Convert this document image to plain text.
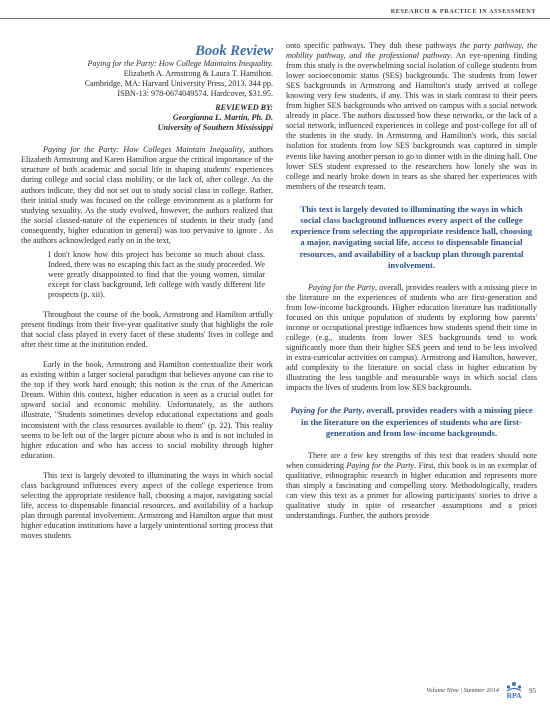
RESEARCH & PRACTICE IN ASSESSMENT
Book Review
Paying for the Party: How College Maintains Inequality.
Elizabeth A. Armstrong & Laura T. Hamilton.
Cambridge, MA: Harvard University Press, 2013. 344 pp.
ISBN-13: 978-0674049574. Hardcover, $31.95.
REVIEWED BY:
Georgianna L. Martin, Ph. D.
University of Southern Mississippi

Paying for the Party: How Colleges Maintain Inequality, authors Elizabeth Armstrong and Karen Hamilton argue the critical importance of the structure of both academic and social life in shaping students' experiences during college and social class mobility, or the lack of, after college. As the authors indicate, they did not set out to study social class in college. Rather, their initial study was focused on the college environment as a platform for studying sexuality. As the study evolved, however, the authors realized that the social classed-nature of the experiences of students in their study (and consequently, higher education in general) was too pervasive to ignore . As the authors acknowledged early on in the text,

I don't know how this project has become so much about class. Indeed, there was no escaping this fact as the study proceeded. We were greatly disappointed to find that the young women, similar except for class background, left college with vastly different life prospects (p. xii).

Throughout the course of the book, Armstrong and Hamilton artfully present findings from their five-year qualitative study that highlight the role that social class played in every facet of these students' lives in college and after their time at the institution ended.

Early in the book, Armstrong and Hamilton contextualize their work as existing within a larger societal paradigm that believes anyone can rise to the top if they work hard enough; this notion is the crux of the American Dream. Within this context, higher education is seen as a crucial outlet for upward social and economic mobility. Unfortunately, as the authors illustrate, "Students sometimes develop educational expectations and goals inconsistent with the class resources available to them" (p. 22). This reality seems to be left out of the larger picture about who is and is not included in higher education and who has access to social mobility through higher education.

This text is largely devoted to illuminating the ways in which social class background influences every aspect of the college experience from selecting the appropriate residence hall, choosing a major, navigating social life, access to dispensable financial resources, and availability of a backup plan through parental involvement. Armstrong and Hamilton argue that most higher education institutions have a largely unintentional sorting process that moves students

onto specific pathways. They dub these pathways the party pathway, the mobility pathway, and the professional pathway. An eye-opening finding from this study is the overwhelming social isolation of college students from lower socioeconomic status (SES) backgrounds. The students from lower SES backgrounds in Armstrong and Hamilton's study arrived at college knowing very few students, if any. This was in stark contrast to their peers from higher SES backgrounds who arrived on campus with a social network already in place. The authors discussed how these networks, or the lack of a social network, influenced experiences in college and post-college for all of the students in the study. In Armstrong and Hamilton's work, this social isolation for students from low SES backgrounds was captured in simple events like having another person to go to dinner with in the dining hall. One lower SES student expressed to the researchers how lonely she was in college and nearly broke down in tears as she shared her experiences with members of the research team.

This text is largely devoted to illuminating the ways in which social class background influences every aspect of the college experience from selecting the appropriate residence hall, choosing a major, navigating social life, access to dispensable financial resources, and availability of a backup plan through parental involvement.

Paying for the Party, overall, provides readers with a missing piece in the literature on the experiences of students who are first-generation and from low-income backgrounds. Higher education literature has traditionally focused on this unique population of students by exploring how parents' income or occupational prestige influences how students spend their time in college (e.g., students from lower SES backgrounds tend to work significantly more than their higher SES peers and tend to be less involved in extra-curricular activities on campus). Armstrong and Hamilton, however, add complexity to the literature on social class in higher education by illustrating the less tangible and measurable ways in which social class impacts the lives of students from low SES backgrounds.

Paying for the Party, overall, provides readers with a missing piece in the literature on the experiences of students who are first-generation and from low-income backgrounds.

There are a few key strengths of this text that readers should note when considering Paying for the Party. First, this book is in an exemplar of qualitative, ethnographic research in higher education and represents more than simply a fascinating and compelling story. Methodologically, readers can view this text as a primer for allowing participants' stories to drive a qualitative study in spite of researcher assumptions and a priori understandings. Further, the authors provide

Volume Nine | Summer 2014
RPA
95
